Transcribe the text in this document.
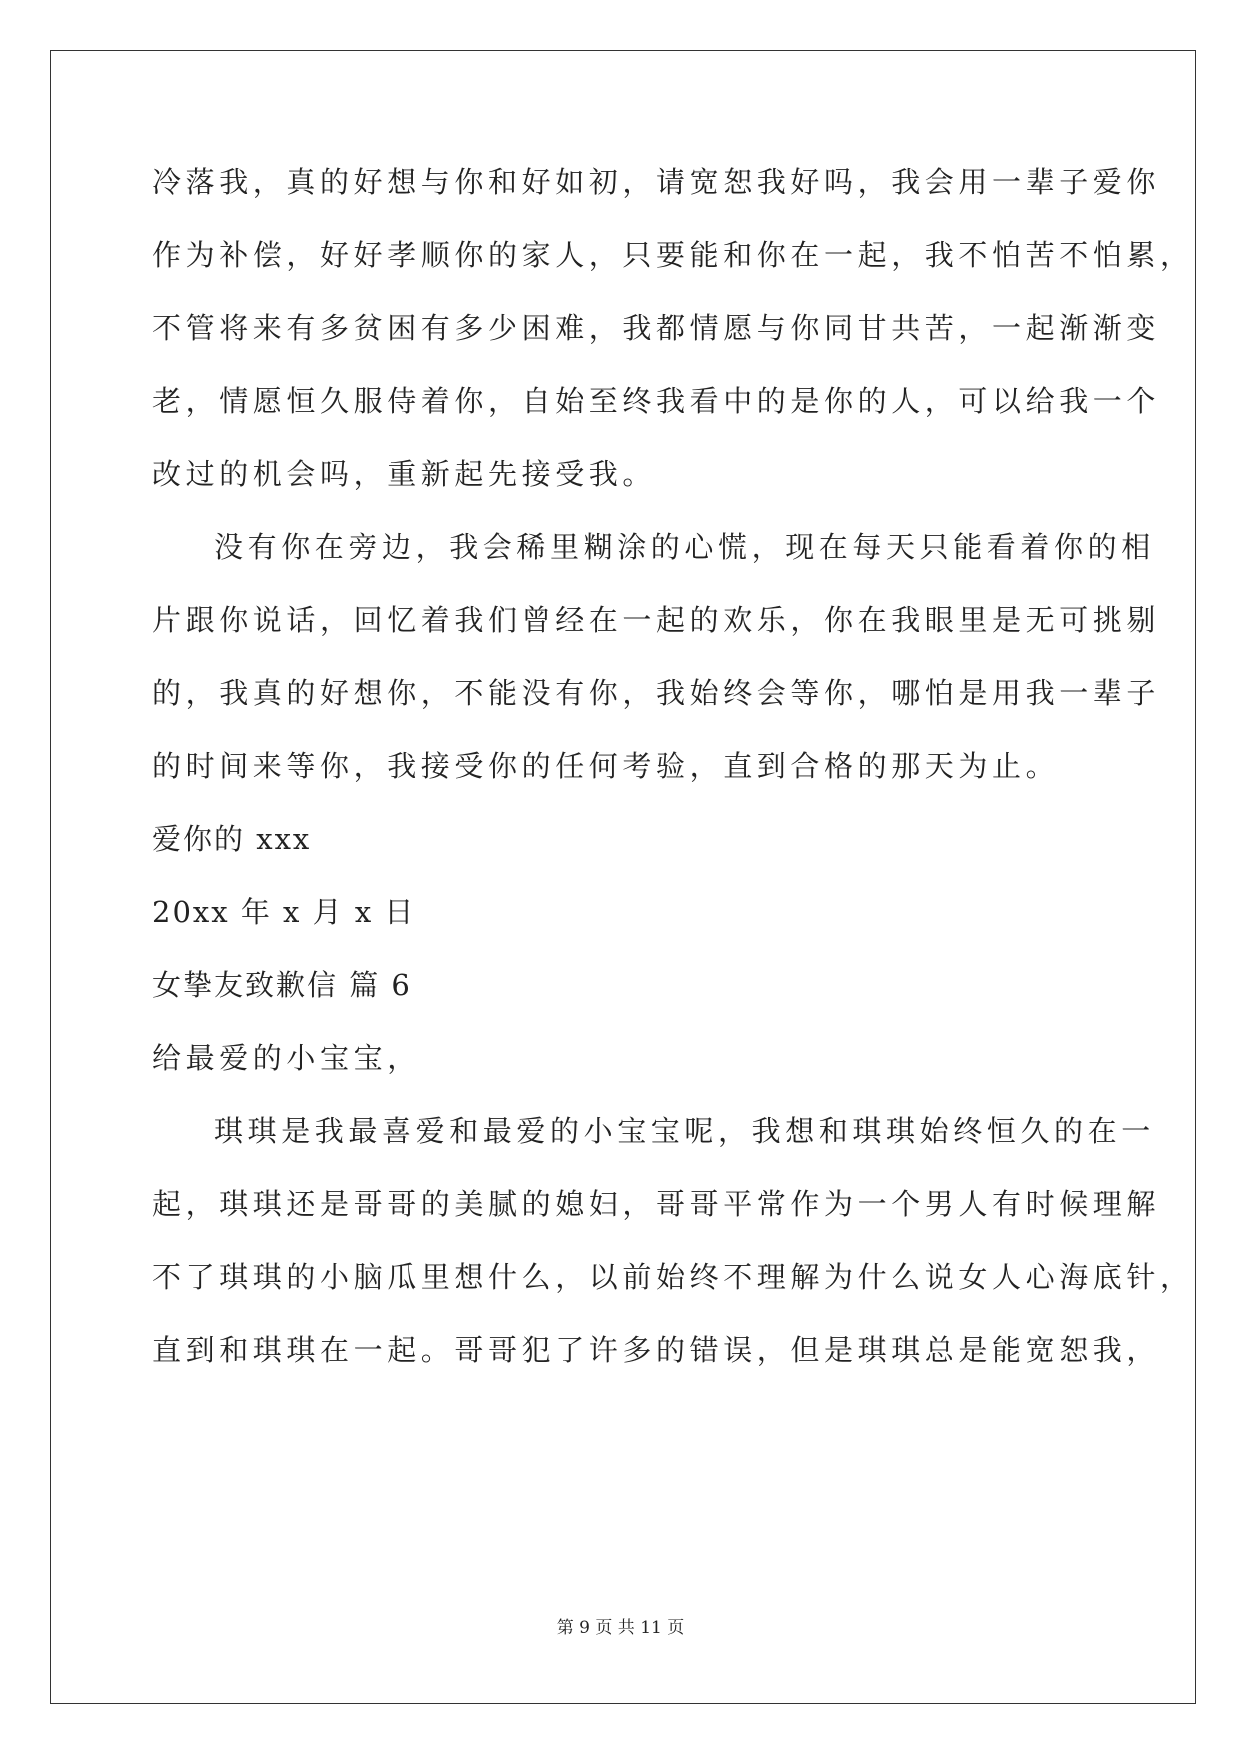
冷落我，真的好想与你和好如初，请宽恕我好吗，我会用一辈子爱你
作为补偿，好好孝顺你的家人，只要能和你在一起，我不怕苦不怕累，
不管将来有多贫困有多少困难，我都情愿与你同甘共苦，一起渐渐变
老，情愿恒久服侍着你，自始至终我看中的是你的人，可以给我一个
改过的机会吗，重新起先接受我。
没有你在旁边，我会稀里糊涂的心慌，现在每天只能看着你的相
片跟你说话，回忆着我们曾经在一起的欢乐，你在我眼里是无可挑剔
的，我真的好想你，不能没有你，我始终会等你，哪怕是用我一辈子
的时间来等你，我接受你的任何考验，直到合格的那天为止。
爱你的 xxx
20xx 年 x 月 x 日
女挚友致歉信 篇 6
给最爱的小宝宝，
琪琪是我最喜爱和最爱的小宝宝呢，我想和琪琪始终恒久的在一
起，琪琪还是哥哥的美腻的媳妇，哥哥平常作为一个男人有时候理解
不了琪琪的小脑瓜里想什么，以前始终不理解为什么说女人心海底针，
直到和琪琪在一起。哥哥犯了许多的错误，但是琪琪总是能宽恕我，
第 9 页 共 11 页
